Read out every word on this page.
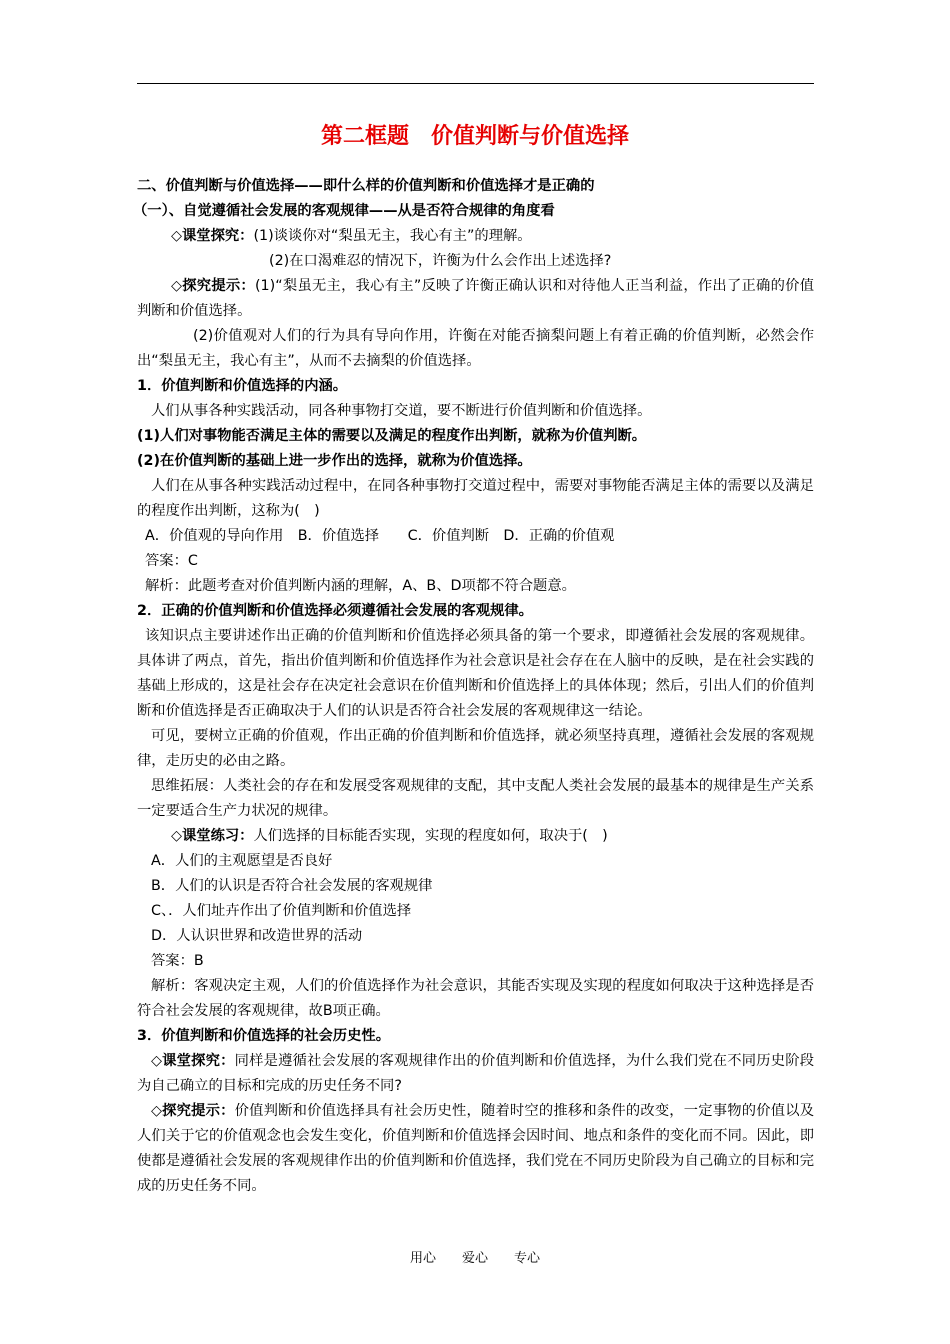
第二框题　价值判断与价值选择

二、价值判断与价值选择——即什么样的价值判断和价值选择才是正确的

（一）、自觉遵循社会发展的客观规律——从是否符合规律的角度看

◇课堂探究：(1)谈谈你对“梨虽无主，我心有主”的理解。

(2)在口渴难忍的情况下，许衡为什么会作出上述选择?

◇探究提示：(1)“梨虽无主，我心有主”反映了许衡正确认识和对待他人正当利益，作出了正确的价值判断和价值选择。

(2)价值观对人们的行为具有导向作用，许衡在对能否摘梨问题上有着正确的价值判断，必然会作出“梨虽无主，我心有主”，从而不去摘梨的价值选择。

1．价值判断和价值选择的内涵。

人们从事各种实践活动，同各种事物打交道，要不断进行价值判断和价值选择。

(1)人们对事物能否满足主体的需要以及满足的程度作出判断，就称为价值判断。

(2)在价值判断的基础上进一步作出的选择，就称为价值选择。

人们在从事各种实践活动过程中，在同各种事物打交道过程中，需要对事物能否满足主体的需要以及满足的程度作出判断，这称为(　)

A．价值观的导向作用　B．价值选择　　C．价值判断　D．正确的价值观

答案：C

解析：此题考查对价值判断内涵的理解，A、B、D项都不符合题意。

2．正确的价值判断和价值选择必须遵循社会发展的客观规律。

该知识点主要讲述作出正确的价值判断和价值选择必须具备的第一个要求，即遵循社会发展的客观规律。具体讲了两点，首先，指出价值判断和价值选择作为社会意识是社会存在在人脑中的反映，是在社会实践的基础上形成的，这是社会存在决定社会意识在价值判断和价值选择上的具体体现；然后，引出人们的价值判断和价值选择是否正确取决于人们的认识是否符合社会发展的客观规律这一结论。

可见，要树立正确的价值观，作出正确的价值判断和价值选择，就必须坚持真理，遵循社会发展的客观规律，走历史的必由之路。

思维拓展：人类社会的存在和发展受客观规律的支配，其中支配人类社会发展的最基本的规律是生产关系一定要适合生产力状况的规律。

◇课堂练习：人们选择的目标能否实现，实现的程度如何，取决于(　)

A．人们的主观愿望是否良好

B．人们的认识是否符合社会发展的客观规律

C、．人们址卉作出了价值判断和价值选择

D．人认识世界和改造世界的活动

答案：B

解析：客观决定主观，人们的价值选择作为社会意识，其能否实现及实现的程度如何取决于这种选择是否符合社会发展的客观规律，故B项正确。

3．价值判断和价值选择的社会历史性。

◇课堂探究：同样是遵循社会发展的客观规律作出的价值判断和价值选择，为什么我们党在不同历史阶段为自己确立的目标和完成的历史任务不同?

◇探究提示：价值判断和价值选择具有社会历史性，随着时空的推移和条件的改变，一定事物的价值以及人们关于它的价值观念也会发生变化，价值判断和价值选择会因时间、地点和条件的变化而不同。因此，即使都是遵循社会发展的客观规律作出的价值判断和价值选择，我们党在不同历史阶段为自己确立的目标和完成的历史任务不同。

用心　　爱心　　专心
